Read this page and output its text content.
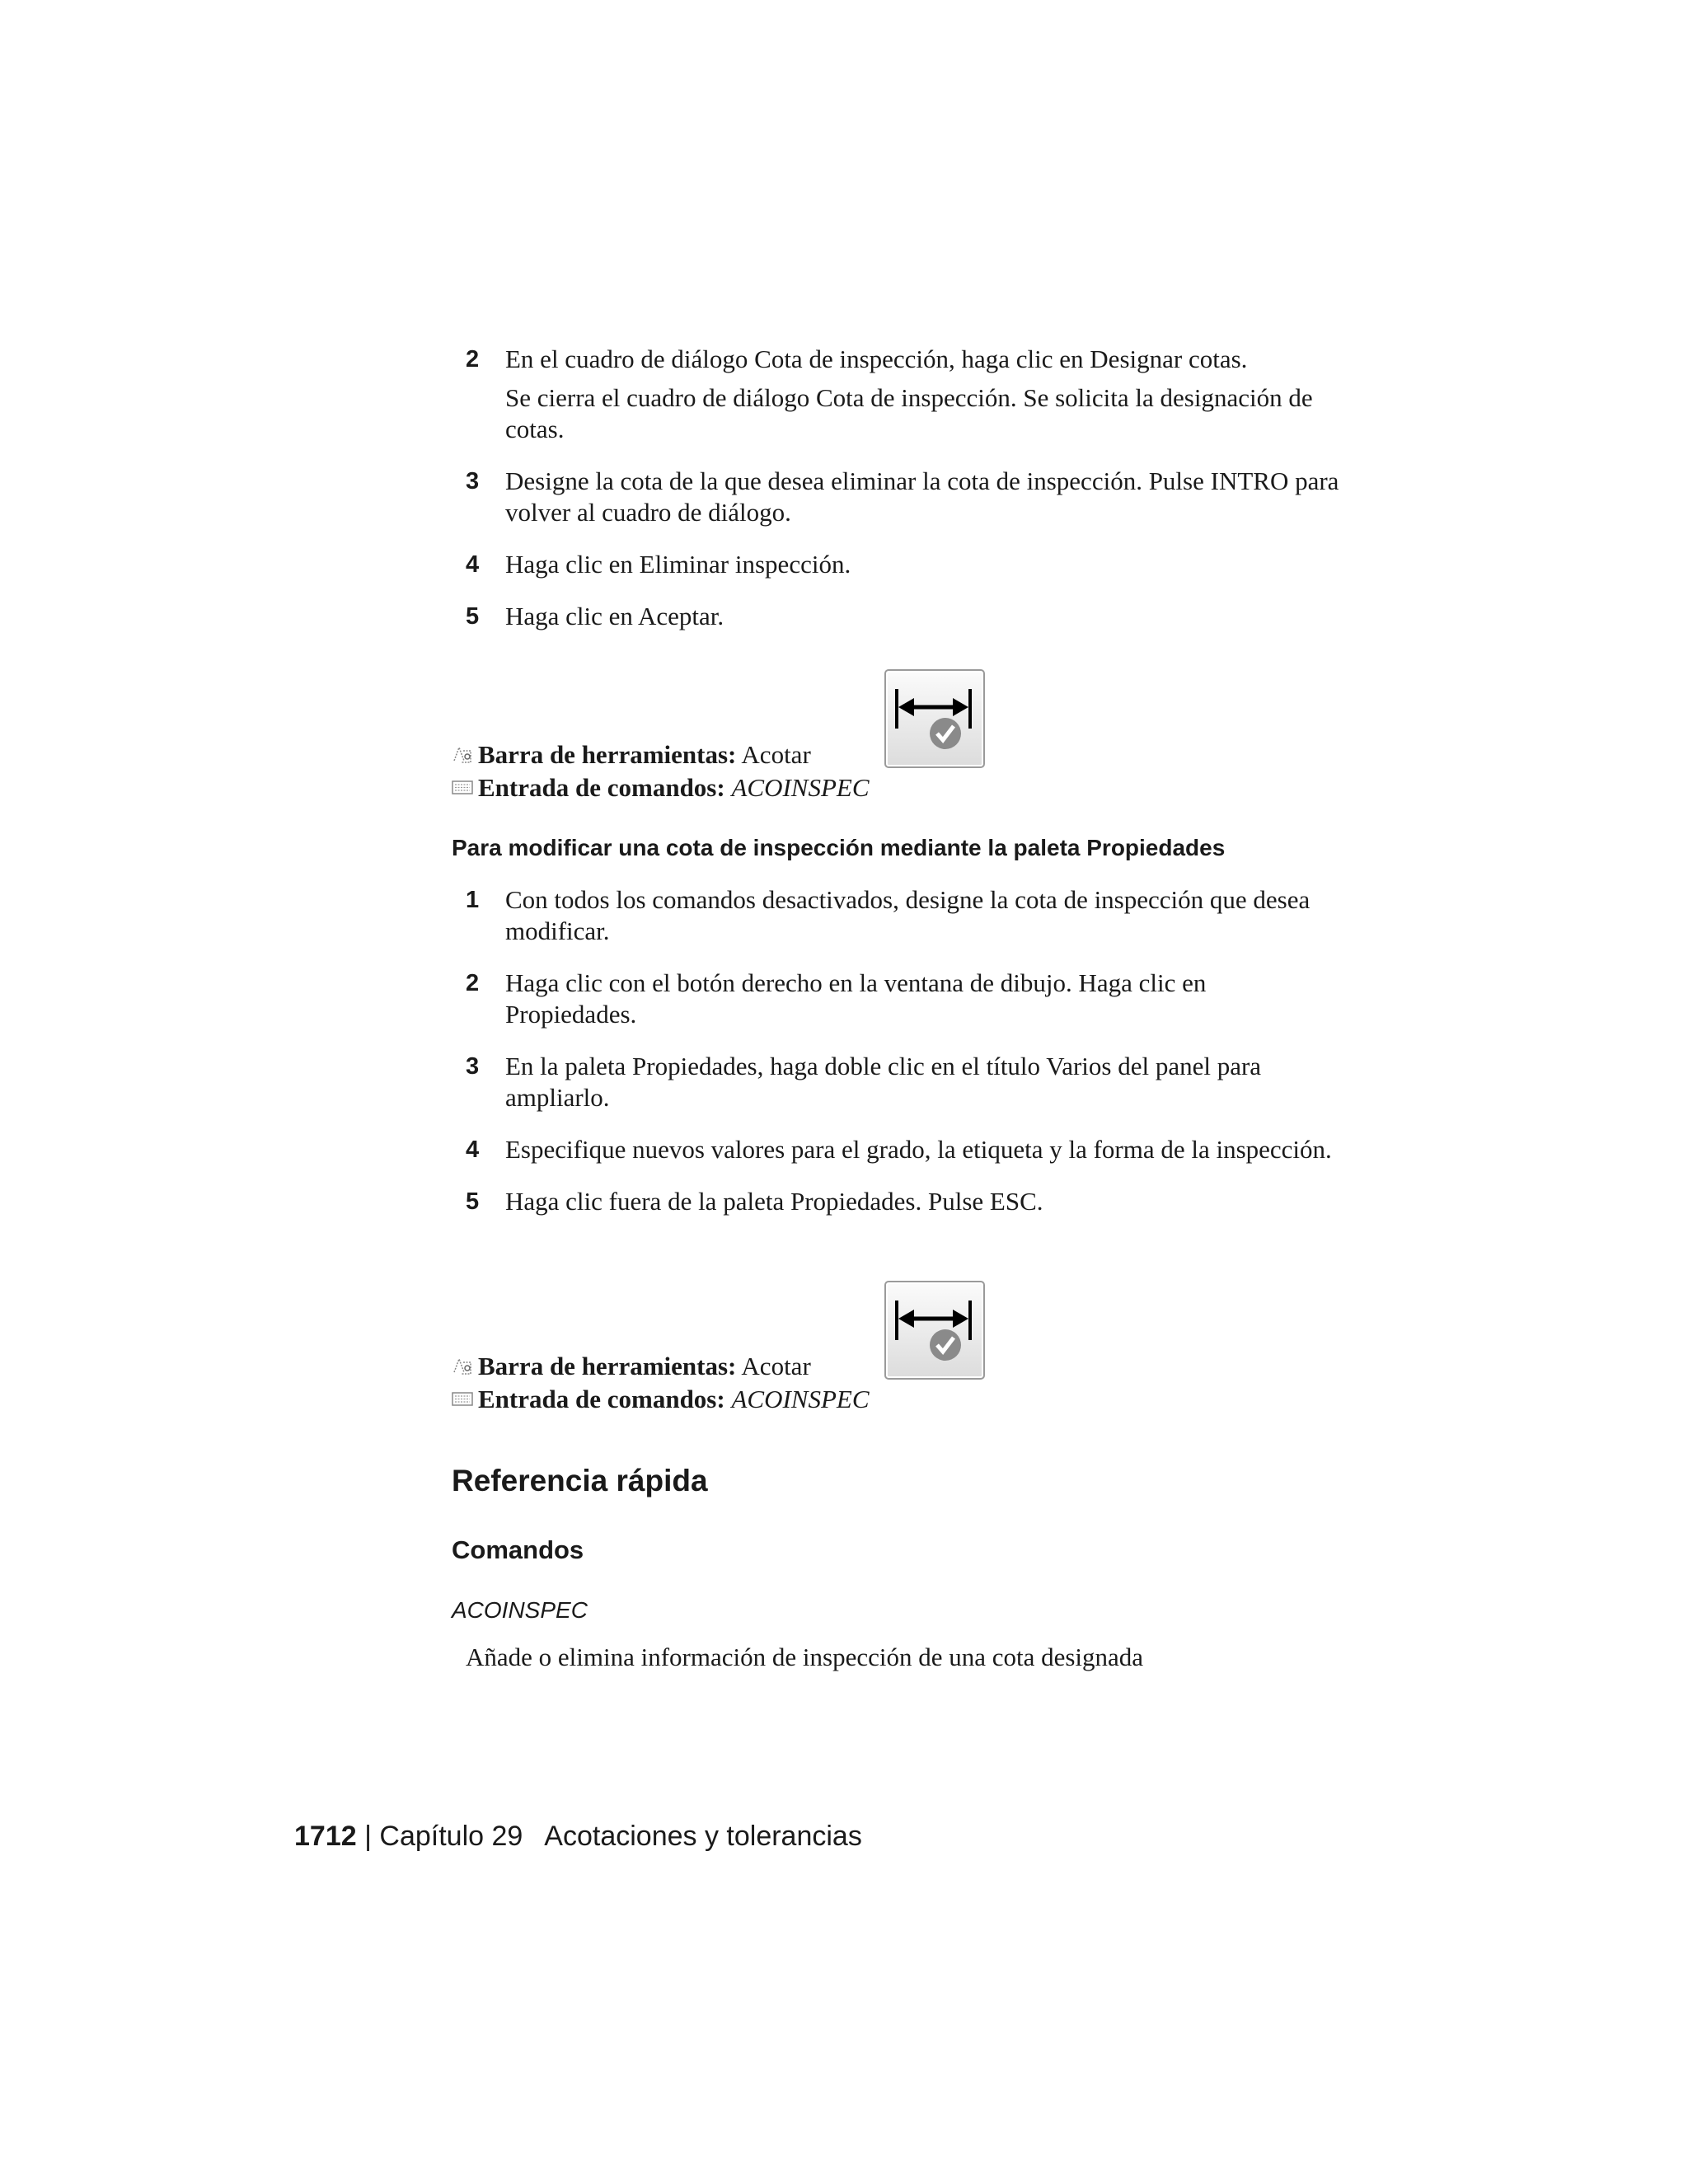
2	En el cuadro de diálogo Cota de inspección, haga clic en Designar cotas.
Se cierra el cuadro de diálogo Cota de inspección. Se solicita la designación de cotas.
3	Designe la cota de la que desea eliminar la cota de inspección. Pulse INTRO para volver al cuadro de diálogo.
4	Haga clic en Eliminar inspección.
5	Haga clic en Aceptar.
Barra de herramientas: Acotar
Entrada de comandos: ACOINSPEC
Para modificar una cota de inspección mediante la paleta Propiedades
1	Con todos los comandos desactivados, designe la cota de inspección que desea modificar.
2	Haga clic con el botón derecho en la ventana de dibujo. Haga clic en Propiedades.
3	En la paleta Propiedades, haga doble clic en el título Varios del panel para ampliarlo.
4	Especifique nuevos valores para el grado, la etiqueta y la forma de la inspección.
5	Haga clic fuera de la paleta Propiedades. Pulse ESC.
Barra de herramientas: Acotar
Entrada de comandos: ACOINSPEC
Referencia rápida
Comandos
ACOINSPEC
Añade o elimina información de inspección de una cota designada
1712 | Capítulo 29 Acotaciones y tolerancias
